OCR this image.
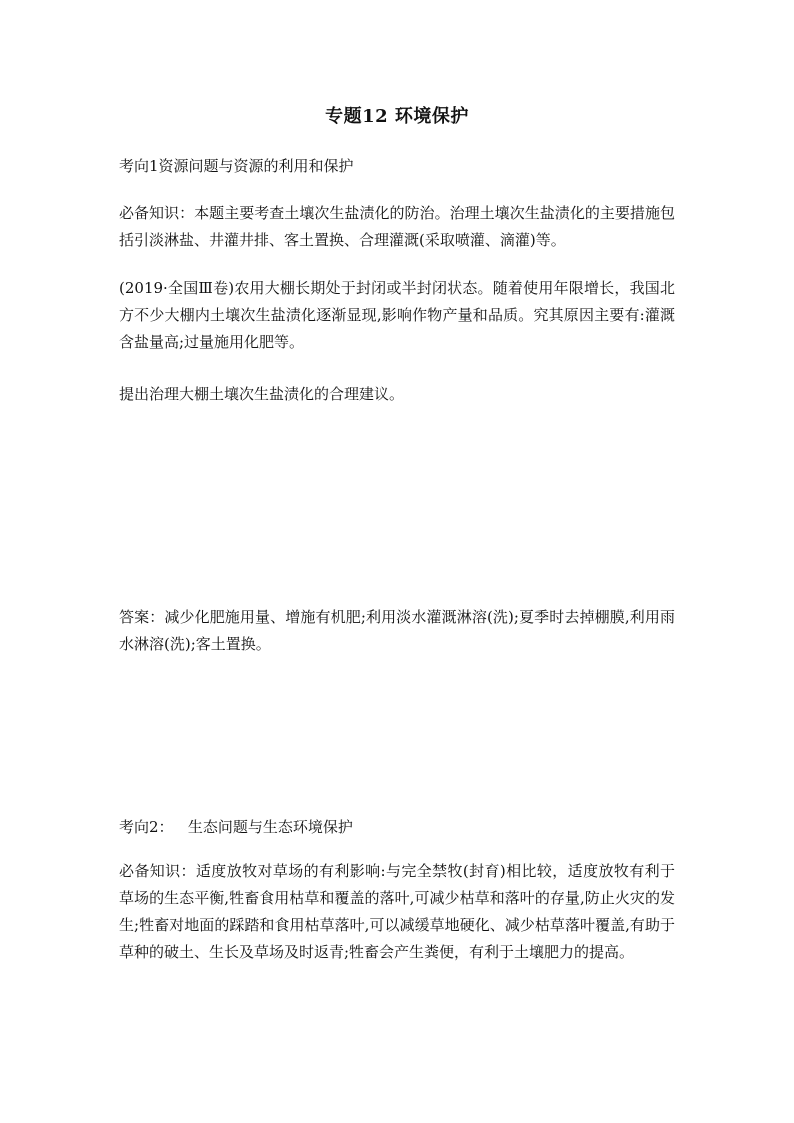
专题12 环境保护
考向1资源问题与资源的利用和保护
必备知识：本题主要考查土壤次生盐渍化的防治。治理土壤次生盐渍化的主要措施包括引淡淋盐、井灌井排、客土置换、合理灌溉(采取喷灌、滴灌)等。
(2019·全国Ⅲ卷)农用大棚长期处于封闭或半封闭状态。随着使用年限增长，我国北方不少大棚内土壤次生盐渍化逐渐显现,影响作物产量和品质。究其原因主要有:灌溉含盐量高;过量施用化肥等。
提出治理大棚土壤次生盐渍化的合理建议。
答案：减少化肥施用量、增施有机肥;利用淡水灌溉淋溶(洗);夏季时去掉棚膜,利用雨水淋溶(洗);客土置换。
考向2：   生态问题与生态环境保护
必备知识：适度放牧对草场的有利影响:与完全禁牧(封育)相比较，适度放牧有利于草场的生态平衡,牲畜食用枯草和覆盖的落叶,可减少枯草和落叶的存量,防止火灾的发生;牲畜对地面的踩踏和食用枯草落叶,可以减缓草地硬化、减少枯草落叶覆盖,有助于草种的破土、生长及草场及时返青;牲畜会产生粪便，有利于土壤肥力的提高。
